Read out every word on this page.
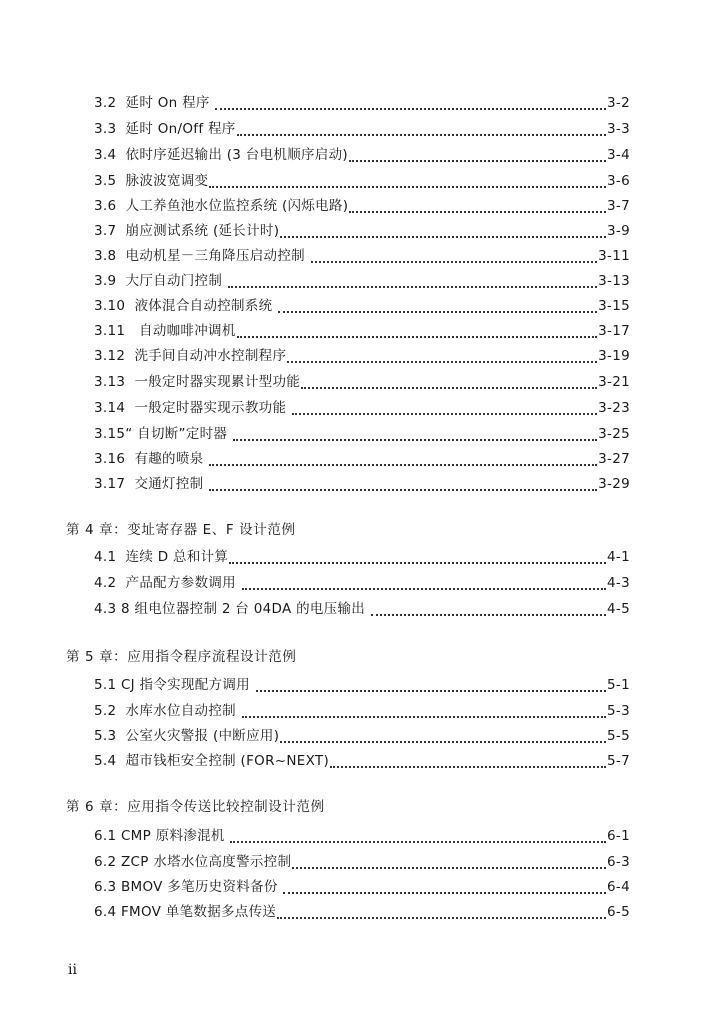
3.2  延时 On 程序	3-2
3.3  延时 On/Off 程序	3-3
3.4  依时序延迟输出 (3 台电机顺序启动)	3-4
3.5  脉波波宽调变	3-6
3.6  人工养鱼池水位监控系统 (闪烁电路)	3-7
3.7  崩应测试系统 (延长计时)	3-9
3.8  电动机星－三角降压启动控制	3-11
3.9  大厅自动门控制	3-13
3.10  液体混合自动控制系统	3-15
3.11   自动咖啡冲调机	3-17
3.12  洗手间自动冲水控制程序	3-19
3.13  一般定时器实现累计型功能	3-21
3.14  一般定时器实现示教功能	3-23
3.15“ 自切断”定时器	3-25
3.16  有趣的喷泉	3-27
3.17  交通灯控制	3-29
第 4 章：变址寄存器 E、F 设计范例
4.1  连续 D 总和计算	4-1
4.2  产品配方参数调用	4-3
4.3 8 组电位器控制 2 台 04DA 的电压输出	4-5
第 5 章：应用指令程序流程设计范例
5.1 CJ 指令实现配方调用	5-1
5.2  水库水位自动控制	5-3
5.3  公室火灾警报 (中断应用)	5-5
5.4  超市钱柜安全控制 (FOR~NEXT)	5-7
第 6 章：应用指令传送比较控制设计范例
6.1 CMP 原料渗混机	6-1
6.2 ZCP 水塔水位高度警示控制	6-3
6.3 BMOV 多笔历史资料备份	6-4
6.4 FMOV 单笔数据多点传送	6-5
ii
